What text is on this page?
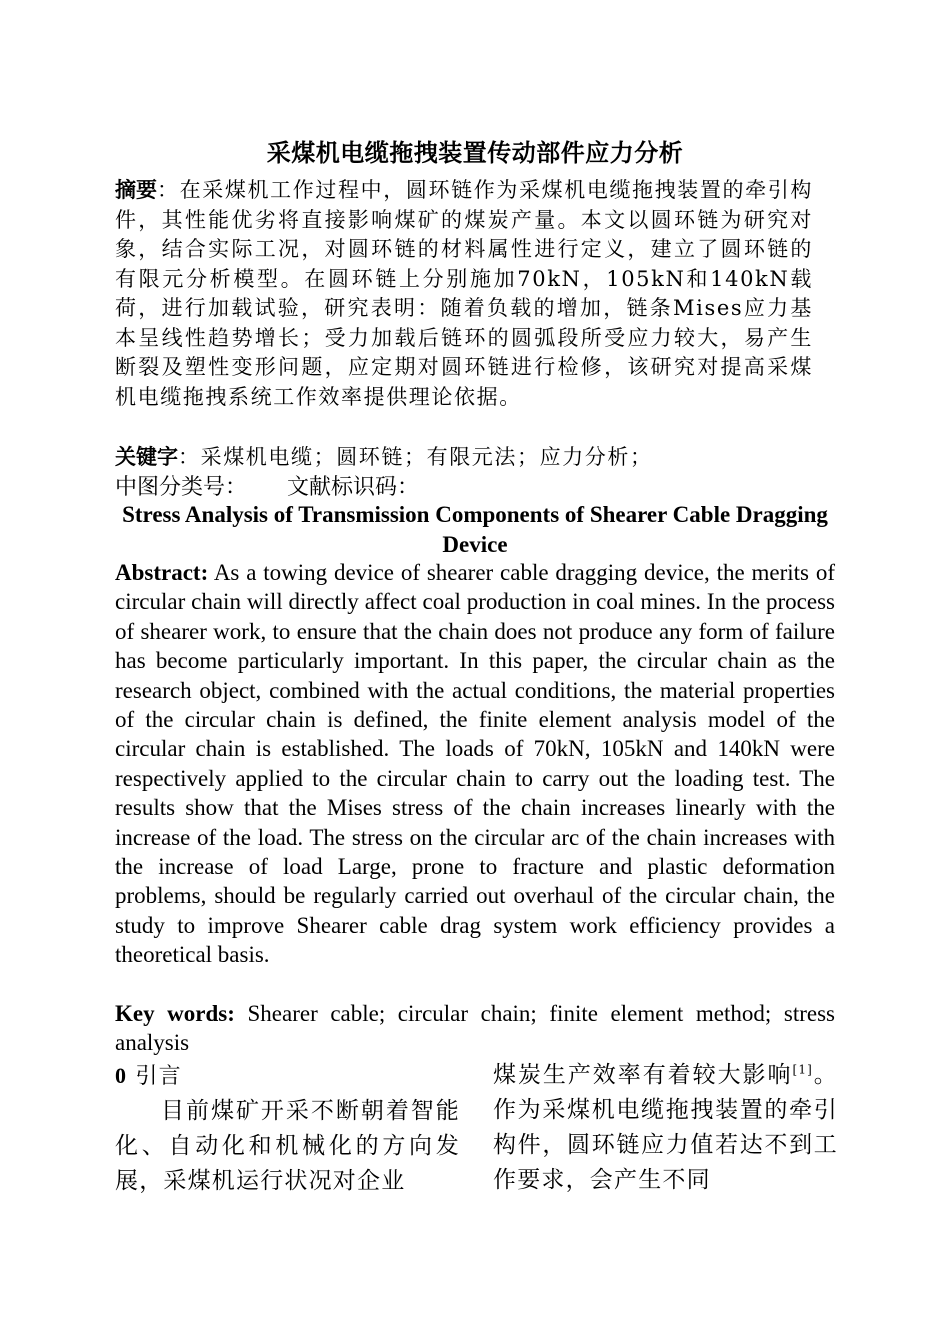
采煤机电缆拖拽装置传动部件应力分析
摘要：在采煤机工作过程中，圆环链作为采煤机电缆拖拽装置的牵引构件，其性能优劣将直接影响煤矿的煤炭产量。本文以圆环链为研究对象，结合实际工况，对圆环链的材料属性进行定义，建立了圆环链的有限元分析模型。在圆环链上分别施加70kN，105kN和140kN载荷，进行加载试验，研究表明：随着负载的增加，链条Mises应力基本呈线性趋势增长；受力加载后链环的圆弧段所受应力较大，易产生断裂及塑性变形问题，应定期对圆环链进行检修，该研究对提高采煤机电缆拖拽系统工作效率提供理论依据。
关键字：采煤机电缆；圆环链；有限元法；应力分析；
中图分类号： 文献标识码：
Stress Analysis of Transmission Components of Shearer Cable Dragging Device
Abstract: As a towing device of shearer cable dragging device, the merits of circular chain will directly affect coal production in coal mines. In the process of shearer work, to ensure that the chain does not produce any form of failure has become particularly important. In this paper, the circular chain as the research object, combined with the actual conditions, the material properties of the circular chain is defined, the finite element analysis model of the circular chain is established. The loads of 70kN, 105kN and 140kN were respectively applied to the circular chain to carry out the loading test. The results show that the Mises stress of the chain increases linearly with the increase of the load. The stress on the circular arc of the chain increases with the increase of load Large, prone to fracture and plastic deformation problems, should be regularly carried out overhaul of the circular chain, the study to improve Shearer cable drag system work efficiency provides a theoretical basis.
Key words: Shearer cable; circular chain; finite element method; stress analysis
0 引言
目前煤矿开采不断朝着智能化、自动化和机械化的方向发展，采煤机运行状况对企业
煤炭生产效率有着较大影响[1]。作为采煤机电缆拖拽装置的牵引构件，圆环链应力值若达不到工作要求，会产生不同
